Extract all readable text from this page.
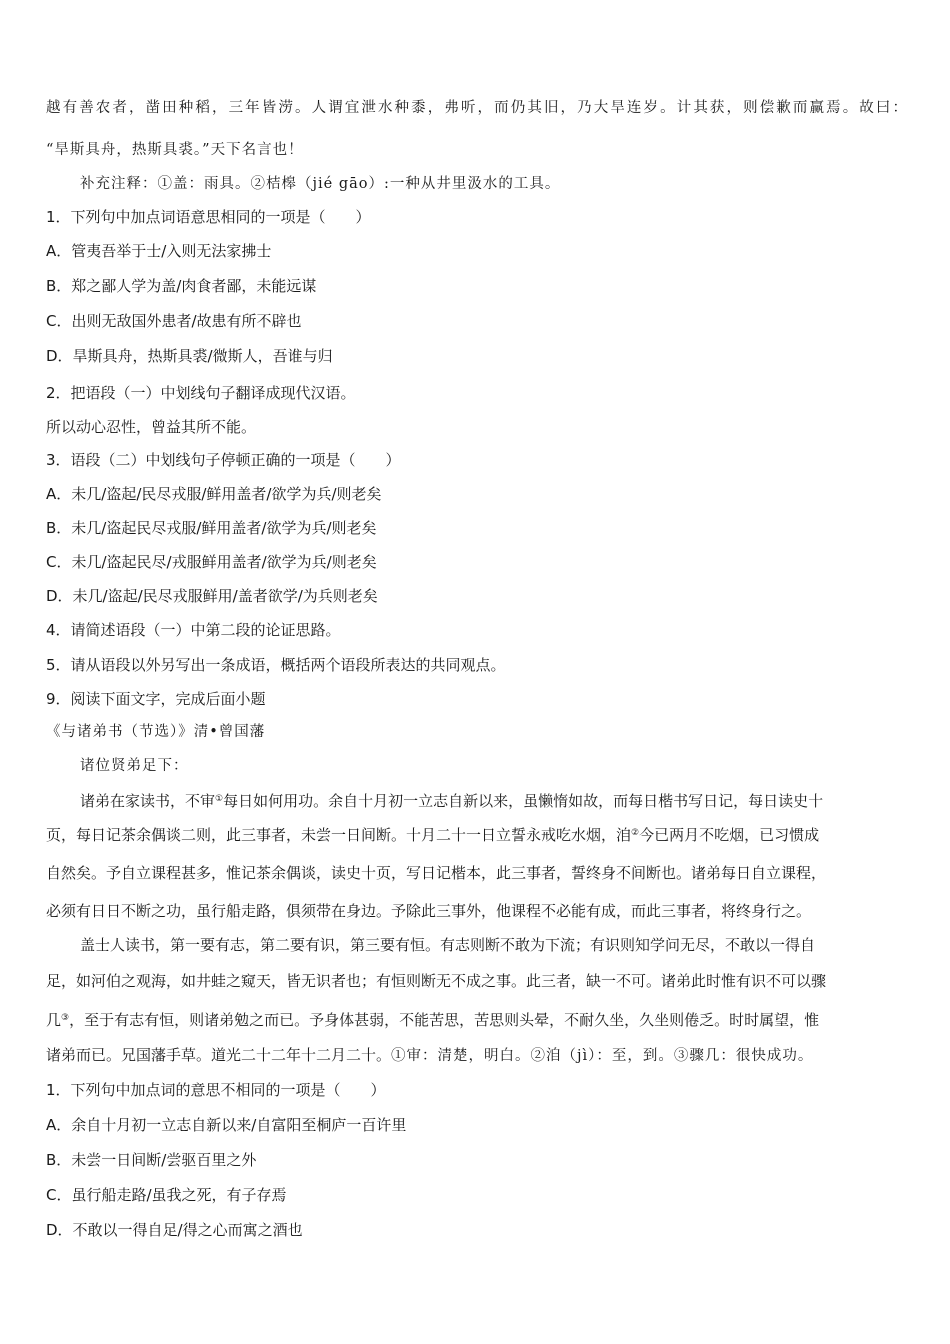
越有善农者，凿田种稻，三年皆涝。人谓宜泄水种黍，弗听，而仍其旧，乃大旱连岁。计其获，则偿歉而赢焉。故曰：
“旱斯具舟，热斯具裘。”天下名言也！
补充注释：①盖：雨具。②桔槔（jié gāo）:一种从井里汲水的工具。
1．下列句中加点词语意思相同的一项是（　　）
A．管夷吾举于士/入则无法家拂士
B．郑之鄙人学为盖/肉食者鄙，未能远谋
C．出则无敌国外患者/故患有所不辟也
D．旱斯具舟，热斯具裘/微斯人，吾谁与归
2．把语段（一）中划线句子翻译成现代汉语。
所以动心忍性，曾益其所不能。
3．语段（二）中划线句子停顿正确的一项是（　　）
A．未几/盗起/民尽戎服/鲜用盖者/欲学为兵/则老矣
B．未几/盗起民尽戎服/鲜用盖者/欲学为兵/则老矣
C．未几/盗起民尽/戎服鲜用盖者/欲学为兵/则老矣
D．未几/盗起/民尽戎服鲜用/盖者欲学/为兵则老矣
4．请简述语段（一）中第二段的论证思路。
5．请从语段以外另写出一条成语，概括两个语段所表达的共同观点。
9．阅读下面文字，完成后面小题
《与诸弟书（节选）》清•曾国藩
诸位贤弟足下：
诸弟在家读书，不审①每日如何用功。余自十月初一立志自新以来，虽懒惰如故，而每日楷书写日记，每日读史十
页，每日记茶余偶谈二则，此三事者，未尝一日间断。十月二十一日立誓永戒吃水烟，洎②今已两月不吃烟，已习惯成
自然矣。予自立课程甚多，惟记茶余偶谈，读史十页，写日记楷本，此三事者，誓终身不间断也。诸弟每日自立课程，
必须有日日不断之功，虽行船走路，俱须带在身边。予除此三事外，他课程不必能有成，而此三事者，将终身行之。
盖士人读书，第一要有志，第二要有识，第三要有恒。有志则断不敢为下流；有识则知学问无尽，不敢以一得自
足，如河伯之观海，如井蛙之窥天，皆无识者也；有恒则断无不成之事。此三者，缺一不可。诸弟此时惟有识不可以骤
几③，至于有志有恒，则诸弟勉之而已。予身体甚弱，不能苦思，苦思则头晕，不耐久坐，久坐则倦乏。时时属望，惟
诸弟而已。兄国藩手草。道光二十二年十二月二十。①审：清楚，明白。②洎（jì）：至，到。③骤几：很快成功。
1．下列句中加点词的意思不相同的一项是（　　）
A．余自十月初一立志自新以来/自富阳至桐庐一百许里
B．未尝一日间断/尝驱百里之外
C．虽行船走路/虽我之死，有子存焉
D．不敢以一得自足/得之心而寓之酒也
